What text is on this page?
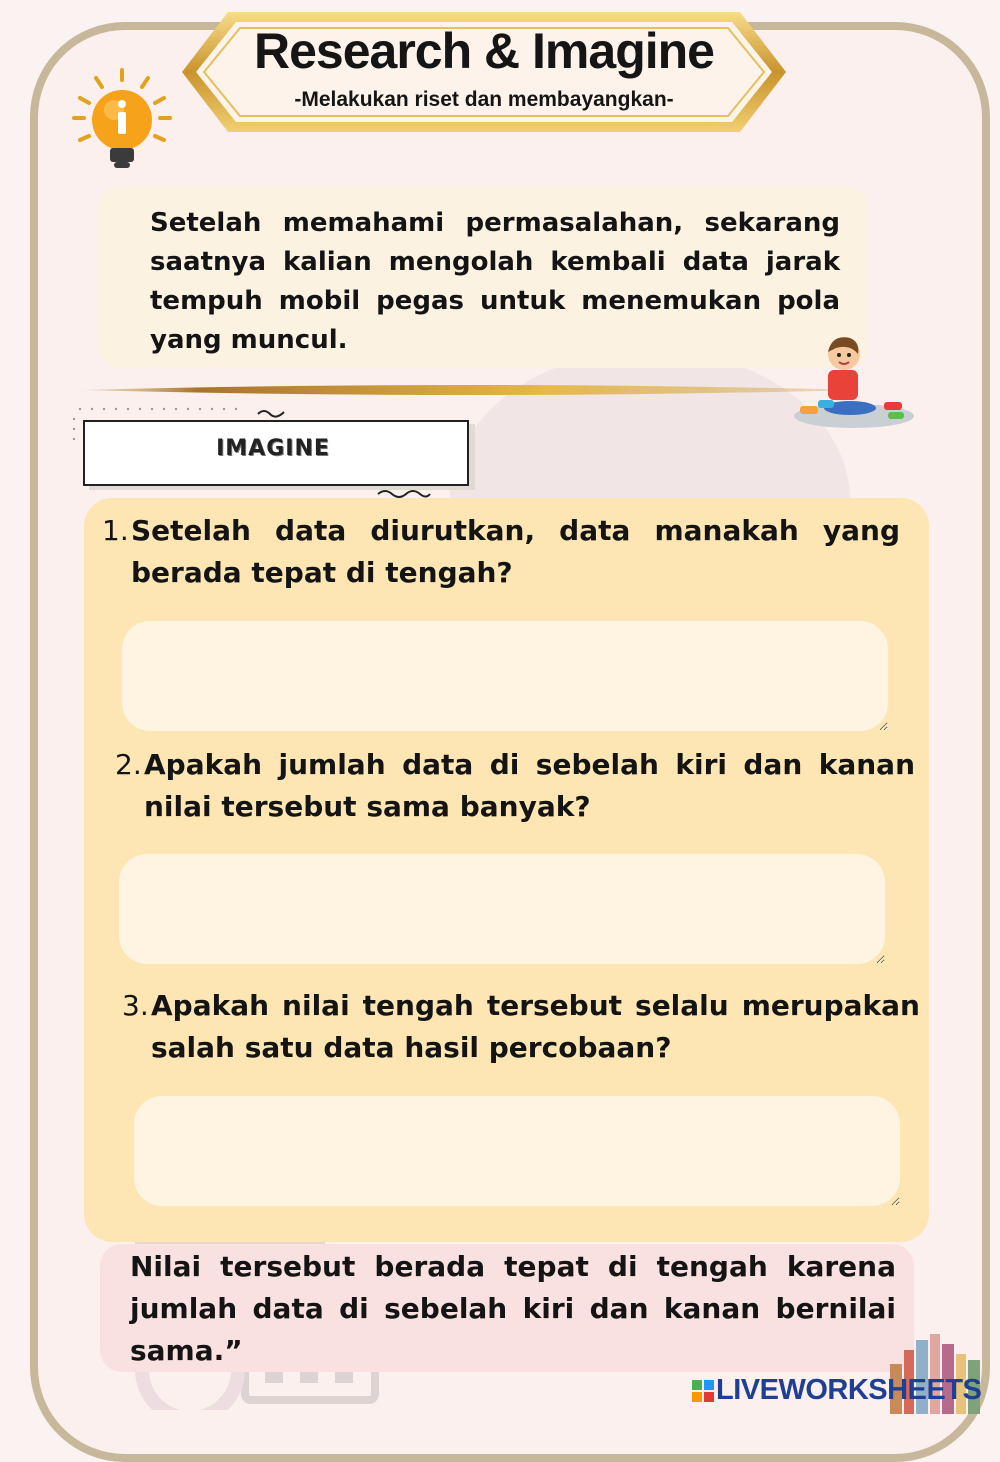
Research & Imagine
-Melakukan riset dan membayangkan-
Setelah memahami permasalahan, sekarang saatnya kalian mengolah kembali data jarak tempuh mobil pegas untuk menemukan pola yang muncul.
IMAGINE
1. Setelah data diurutkan, data manakah yang berada tepat di tengah?
2. Apakah jumlah data di sebelah kiri dan kanan nilai tersebut sama banyak?
3. Apakah nilai tengah tersebut selalu merupakan salah satu data hasil percobaan?
Nilai tersebut berada tepat di tengah karena jumlah data di sebelah kiri dan kanan bernilai sama.”
LIVEWORKSHEETS
